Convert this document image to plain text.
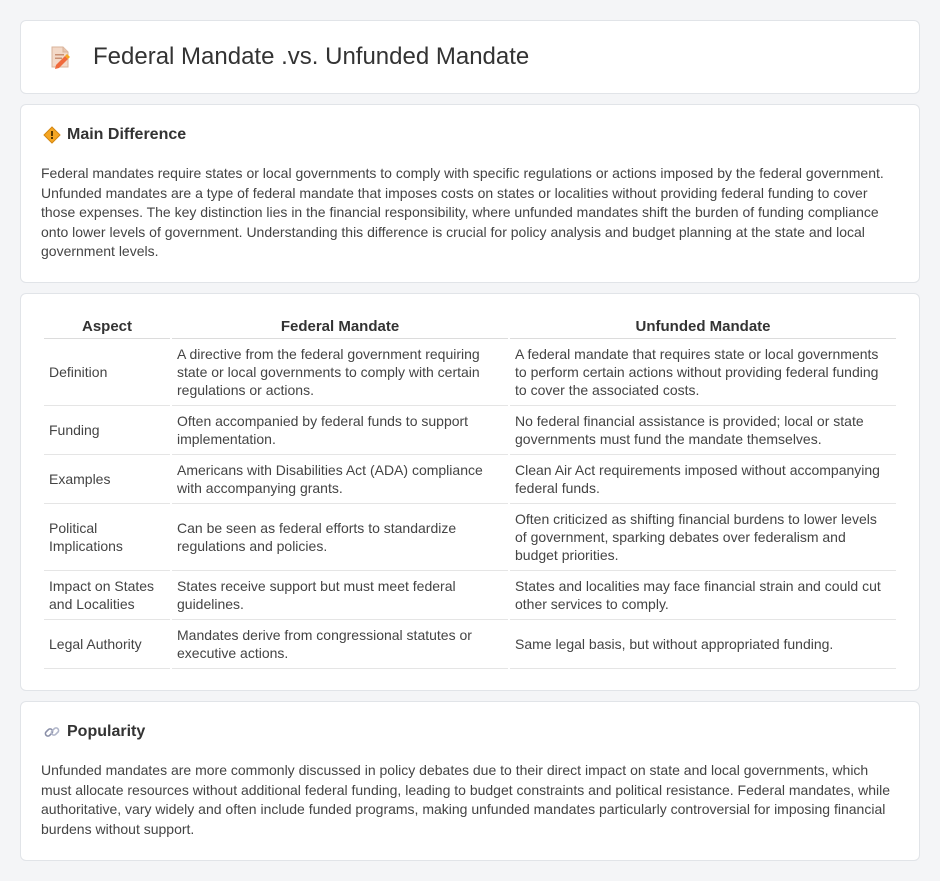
Federal Mandate .vs. Unfunded Mandate
Main Difference

Federal mandates require states or local governments to comply with specific regulations or actions imposed by the federal government. Unfunded mandates are a type of federal mandate that imposes costs on states or localities without providing federal funding to cover those expenses. The key distinction lies in the financial responsibility, where unfunded mandates shift the burden of funding compliance onto lower levels of government. Understanding this difference is crucial for policy analysis and budget planning at the state and local government levels.

Aspect	Federal Mandate	Unfunded Mandate
Definition	A directive from the federal government requiring state or local governments to comply with certain regulations or actions.	A federal mandate that requires state or local governments to perform certain actions without providing federal funding to cover the associated costs.
Funding	Often accompanied by federal funds to support implementation.	No federal financial assistance is provided; local or state governments must fund the mandate themselves.
Examples	Americans with Disabilities Act (ADA) compliance with accompanying grants.	Clean Air Act requirements imposed without accompanying federal funds.
Political Implications	Can be seen as federal efforts to standardize regulations and policies.	Often criticized as shifting financial burdens to lower levels of government, sparking debates over federalism and budget priorities.
Impact on States and Localities	States receive support but must meet federal guidelines.	States and localities may face financial strain and could cut other services to comply.
Legal Authority	Mandates derive from congressional statutes or executive actions.	Same legal basis, but without appropriated funding.
Popularity

Unfunded mandates are more commonly discussed in policy debates due to their direct impact on state and local governments, which must allocate resources without additional federal funding, leading to budget constraints and political resistance. Federal mandates, while authoritative, vary widely and often include funded programs, making unfunded mandates particularly controversial for imposing financial burdens without support.
